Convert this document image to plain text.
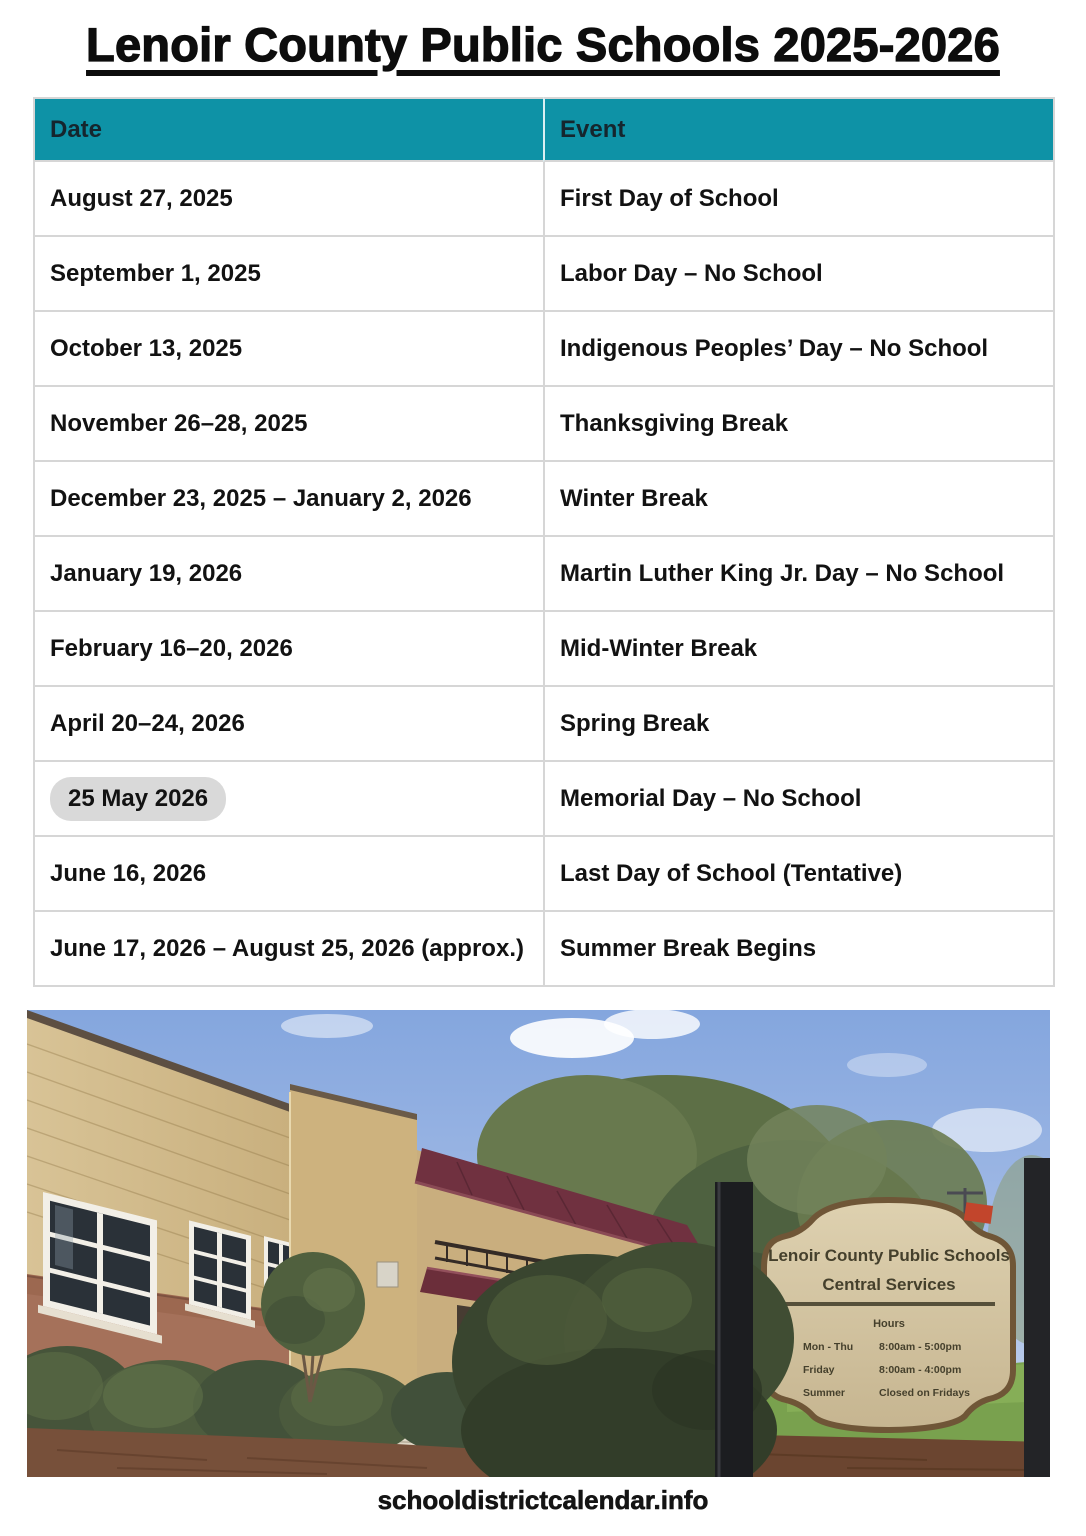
Lenoir County Public Schools 2025-2026
Date	Event
August 27, 2025	First Day of School
September 1, 2025	Labor Day – No School
October 13, 2025	Indigenous Peoples’ Day – No School
November 26–28, 2025	Thanksgiving Break
December 23, 2025 – January 2, 2026	Winter Break
January 19, 2026	Martin Luther King Jr. Day – No School
February 16–20, 2026	Mid-Winter Break
April 20–24, 2026	Spring Break
25 May 2026	Memorial Day – No School
June 16, 2026	Last Day of School (Tentative)
June 17, 2026 – August 25, 2026 (approx.)	Summer Break Begins
Lenoir County Public Schools
Central Services
Hours
Mon - Thu 8:00am - 5:00pm
Friday	8:00am - 4:00pm
Summer	Closed on Fridays
schooldistrictcalendar.info
